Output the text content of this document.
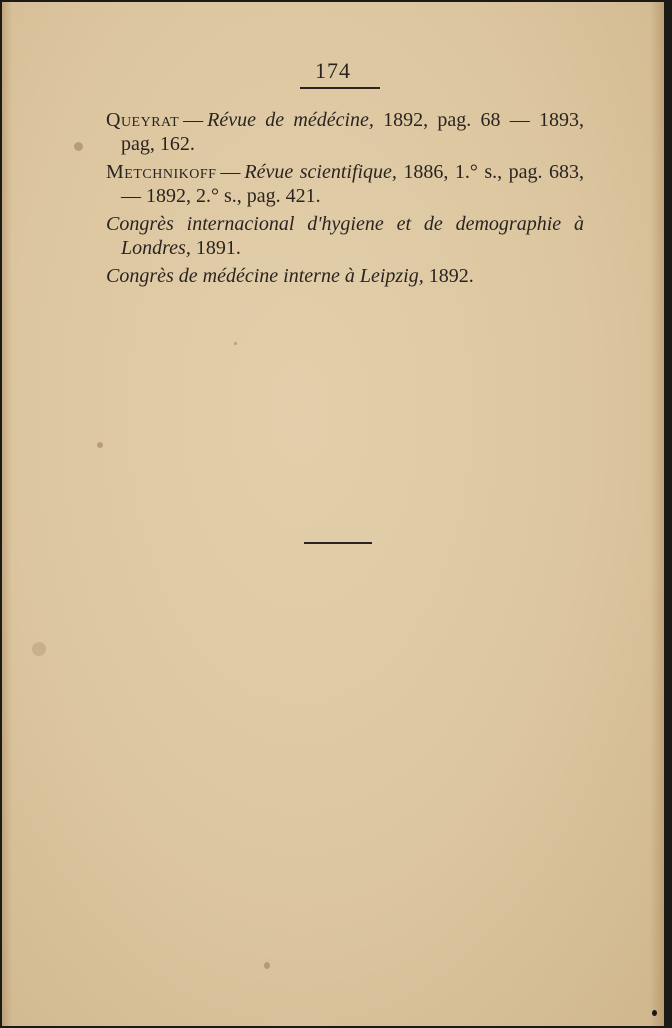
174

Queyrat — Révue de médécine, 1892, pag. 68 — 1893, pag, 162.

Metchnikoff — Révue scientifique, 1886, 1.° s., pag. 683, — 1892, 2.° s., pag. 421.

Congrès internacional d'hygiene et de demographie à Londres, 1891.

Congrès de médécine interne à Leipzig, 1892.
